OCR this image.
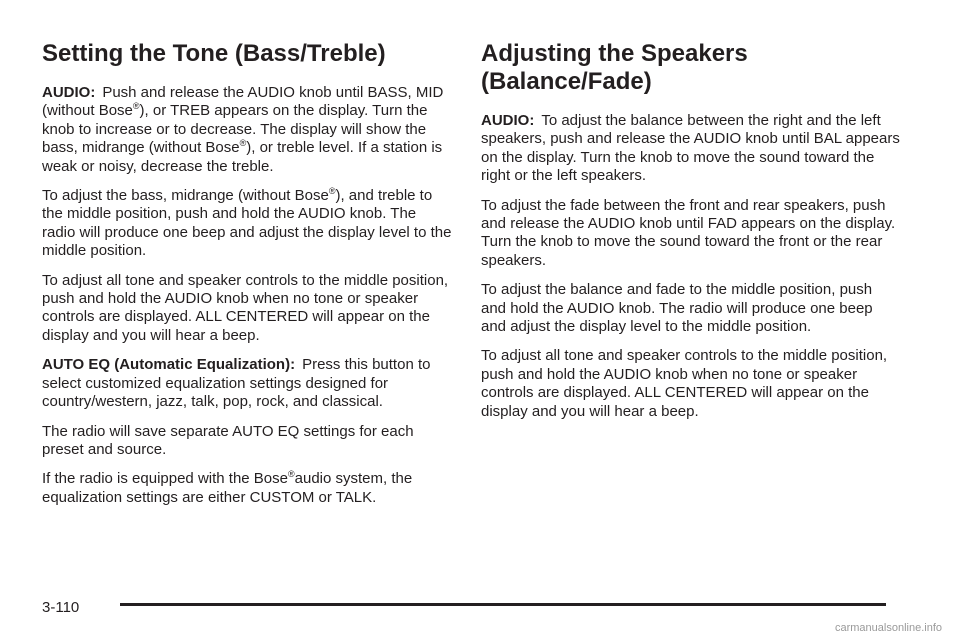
Setting the Tone (Bass/Treble)

AUDIO: Push and release the AUDIO knob until BASS, MID (without Bose®), or TREB appears on the display. Turn the knob to increase or to decrease. The display will show the bass, midrange (without Bose®), or treble level. If a station is weak or noisy, decrease the treble.

To adjust the bass, midrange (without Bose®), and treble to the middle position, push and hold the AUDIO knob. The radio will produce one beep and adjust the display level to the middle position.

To adjust all tone and speaker controls to the middle position, push and hold the AUDIO knob when no tone or speaker controls are displayed. ALL CENTERED will appear on the display and you will hear a beep.

AUTO EQ (Automatic Equalization): Press this button to select customized equalization settings designed for country/western, jazz, talk, pop, rock, and classical.

The radio will save separate AUTO EQ settings for each preset and source.

If the radio is equipped with the Bose®audio system, the equalization settings are either CUSTOM or TALK.

Adjusting the Speakers (Balance/Fade)

AUDIO: To adjust the balance between the right and the left speakers, push and release the AUDIO knob until BAL appears on the display. Turn the knob to move the sound toward the right or the left speakers.

To adjust the fade between the front and rear speakers, push and release the AUDIO knob until FAD appears on the display. Turn the knob to move the sound toward the front or the rear speakers.

To adjust the balance and fade to the middle position, push and hold the AUDIO knob. The radio will produce one beep and adjust the display level to the middle position.

To adjust all tone and speaker controls to the middle position, push and hold the AUDIO knob when no tone or speaker controls are displayed. ALL CENTERED will appear on the display and you will hear a beep.

3-110
carmanualsonline.info
